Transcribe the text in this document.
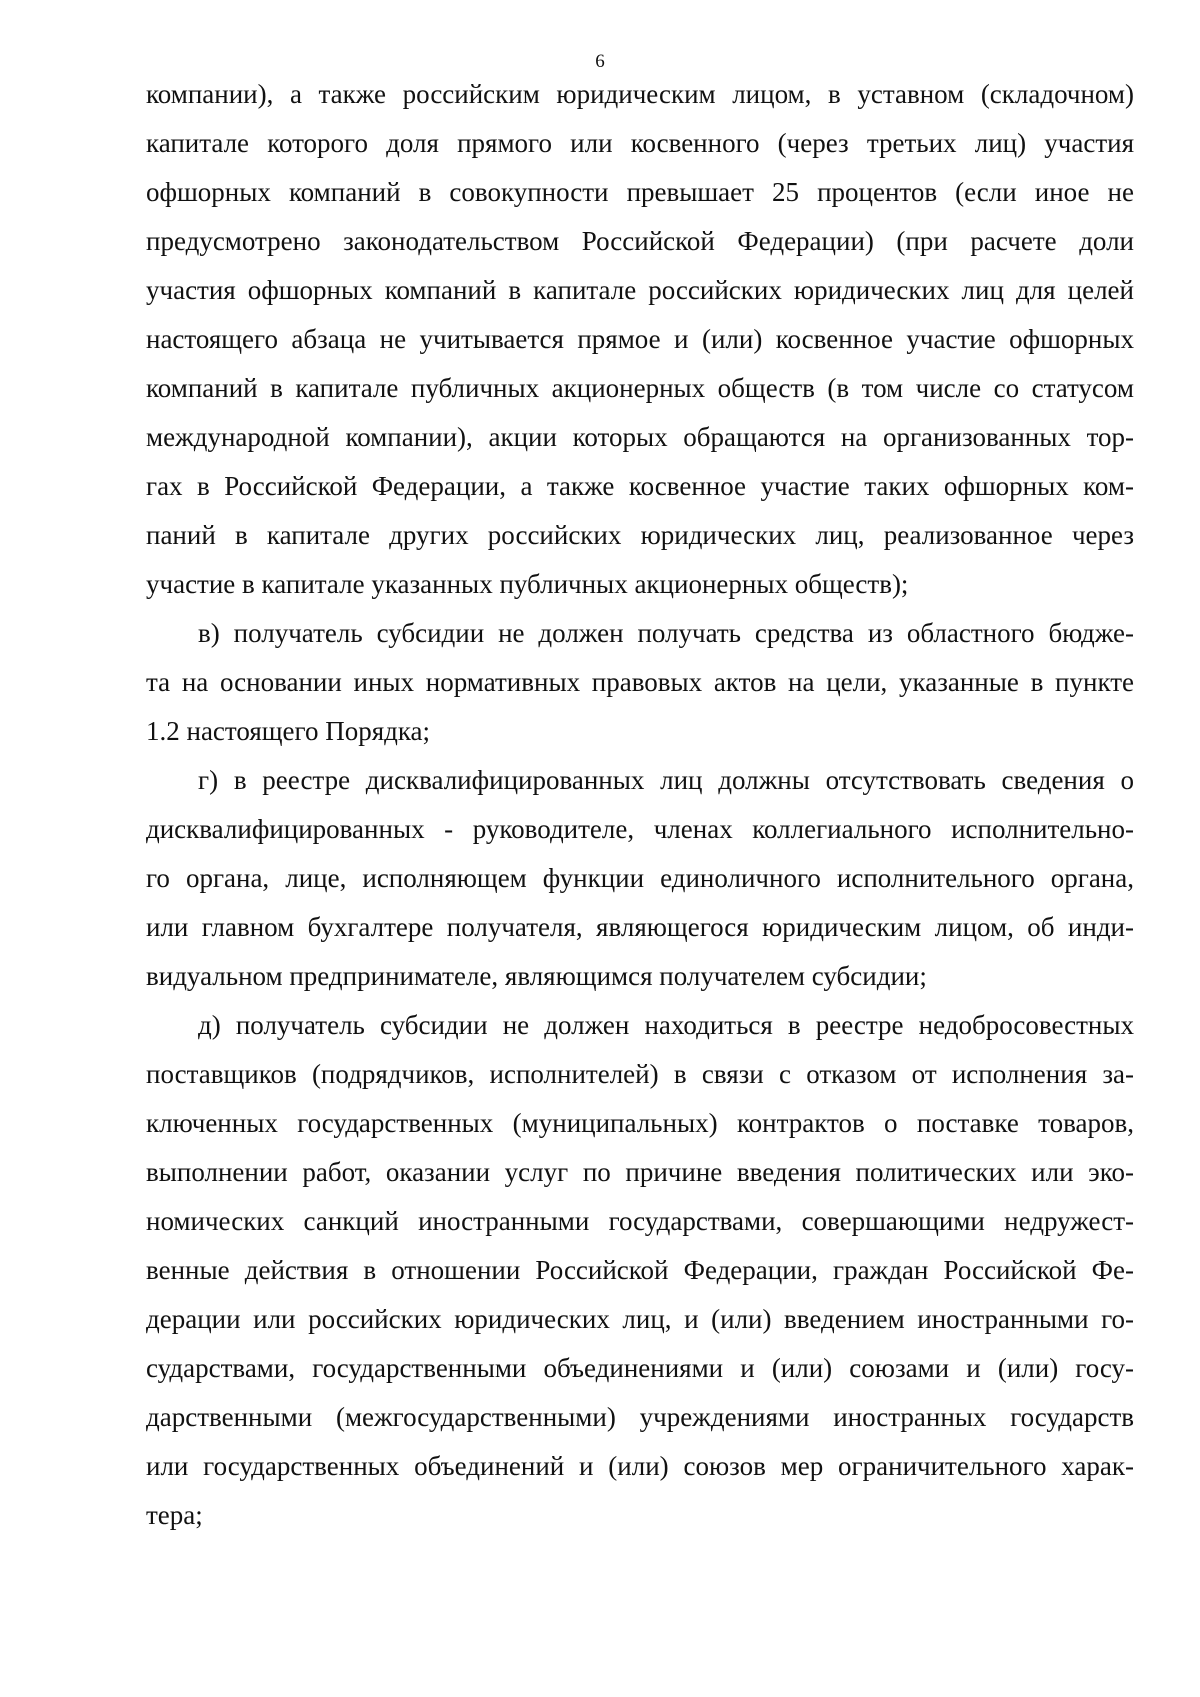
6
компании), а также российским юридическим лицом, в уставном (складочном)
капитале которого доля прямого или косвенного (через третьих лиц) участия
офшорных компаний в совокупности превышает 25 процентов (если иное не
предусмотрено законодательством Российской Федерации) (при расчете доли
участия офшорных компаний в капитале российских юридических лиц для целей
настоящего абзаца не учитывается прямое и (или) косвенное участие офшорных
компаний в капитале публичных акционерных обществ (в том числе со статусом
международной компании), акции которых обращаются на организованных тор-
гах в Российской Федерации, а также косвенное участие таких офшорных ком-
паний в капитале других российских юридических лиц, реализованное через
участие в капитале указанных публичных акционерных обществ);
в) получатель субсидии не должен получать средства из областного бюдже-
та на основании иных нормативных правовых актов на цели, указанные в пункте
1.2 настоящего Порядка;
г) в реестре дисквалифицированных лиц должны отсутствовать сведения о
дисквалифицированных - руководителе, членах коллегиального исполнительно-
го органа, лице, исполняющем функции единоличного исполнительного органа,
или главном бухгалтере получателя, являющегося юридическим лицом, об инди-
видуальном предпринимателе, являющимся получателем субсидии;
д) получатель субсидии не должен находиться в реестре недобросовестных
поставщиков (подрядчиков, исполнителей) в связи с отказом от исполнения за-
ключенных государственных (муниципальных) контрактов о поставке товаров,
выполнении работ, оказании услуг по причине введения политических или эко-
номических санкций иностранными государствами, совершающими недружест-
венные действия в отношении Российской Федерации, граждан Российской Фе-
дерации или российских юридических лиц, и (или) введением иностранными го-
сударствами, государственными объединениями и (или) союзами и (или) госу-
дарственными (межгосударственными) учреждениями иностранных государств
или государственных объединений и (или) союзов мер ограничительного харак-
тера;
